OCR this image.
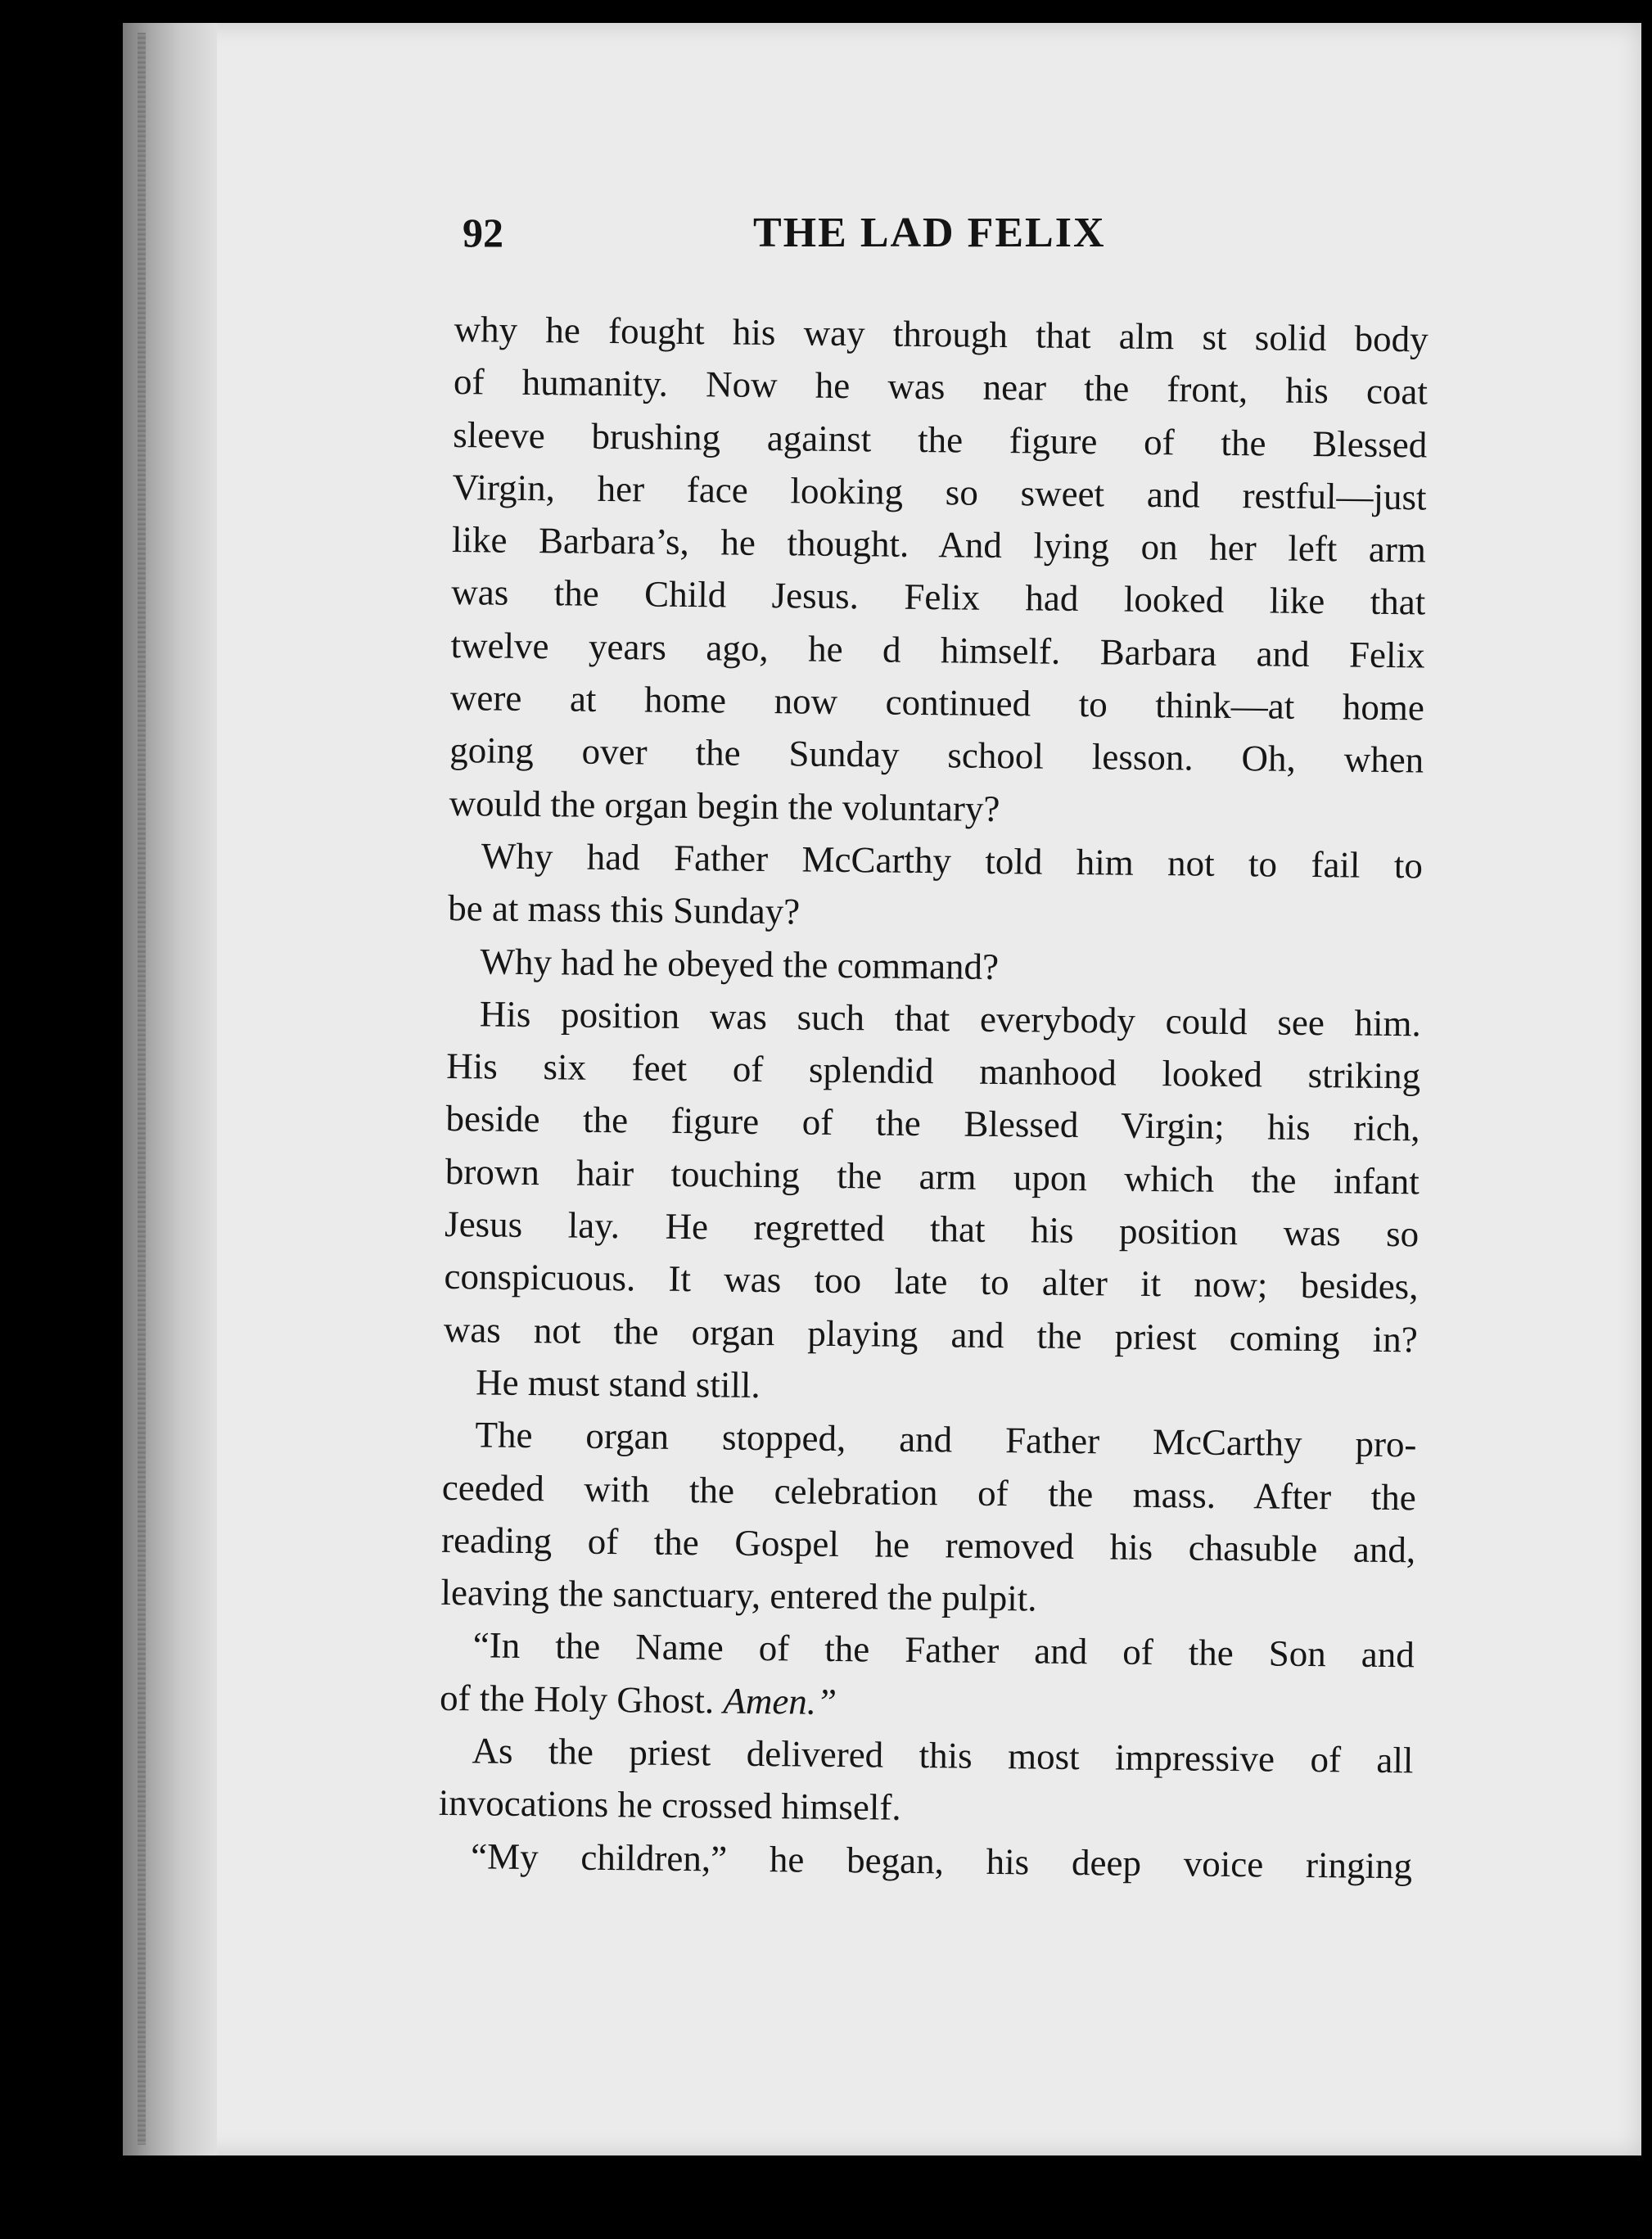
92	THE LAD FELIX
why he fought his way through that alm st solid body
of humanity. Now he was near the front, his coat
sleeve brushing against the figure of the Blessed
Virgin, her face looking so sweet and restful—just
like Barbara’s, he thought. And lying on her left arm
was the Child Jesus. Felix had looked like that
twelve years ago, he d himself. Barbara and Felix
were at home now continued to think—at home
going over the Sunday school lesson. Oh, when
would the organ begin the voluntary?
Why had Father McCarthy told him not to fail to
be at mass this Sunday?
Why had he obeyed the command?
His position was such that everybody could see him.
His six feet of splendid manhood looked striking
beside the figure of the Blessed Virgin; his rich,
brown hair touching the arm upon which the infant
Jesus lay. He regretted that his position was so
conspicuous. It was too late to alter it now; besides,
was not the organ playing and the priest coming in?
He must stand still.
The organ stopped, and Father McCarthy pro-
ceeded with the celebration of the mass. After the
reading of the Gospel he removed his chasuble and,
leaving the sanctuary, entered the pulpit.
“In the Name of the Father and of the Son and
of the Holy Ghost. Amen.”
As the priest delivered this most impressive of all
invocations he crossed himself.
“My children,” he began, his deep voice ringing
